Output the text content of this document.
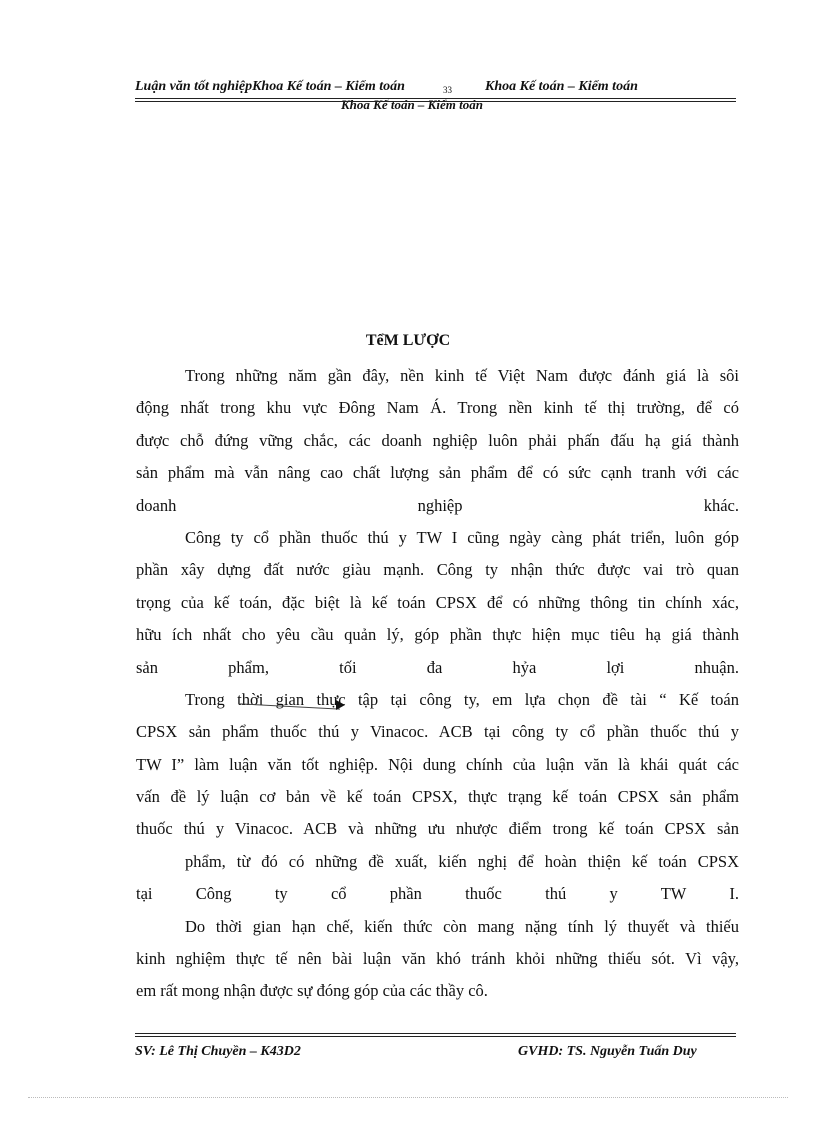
Luận văn tốt nghiệpKhoa Kế toán – Kiểm toán	33 Khoa Kế toán – Kiểm toán
Khoa Kế toán – Kiểm toán
TểM LƯỢC
Trong những năm gần đây, nền kinh tế Việt Nam được đánh giá là sôi
động nhất trong khu vực Đông Nam Á. Trong nền kinh tế thị trường, để có
được chỗ đứng vững chắc, các doanh nghiệp luôn phải phấn đấu hạ giá thành
sản phẩm mà vẫn nâng cao chất lượng sản phẩm để có sức cạnh tranh với các
doanh nghiệp khác.
Công ty cổ phần thuốc thú y TW I cũng ngày càng phát triển, luôn góp
phần xây dựng đất nước giàu mạnh. Công ty nhận thức được vai trò quan
trọng của kế toán, đặc biệt là kế toán CPSX để có những thông tin chính xác,
hữu ích nhất cho yêu cầu quản lý, góp phần thực hiện mục tiêu hạ giá thành
sản phẩm, tối đa hỷa lợi nhuận.
Trong thời gian thực tập tại công ty, em lựa chọn đề tài “ Kế toán
CPSX sản phẩm thuốc thú y Vinacoc. ACB tại công ty cổ phần thuốc thú y
TW I” làm luận văn tốt nghiệp. Nội dung chính của luận văn là khái quát các
vấn đề lý luận cơ bản về kế toán CPSX, thực trạng kế toán CPSX sản phẩm
thuốc thú y Vinacoc. ACB và những ưu nhược điểm trong kế toán CPSX sản
phẩm, từ đó có những đề xuất, kiến nghị để hoàn thiện kế toán CPSX
tại Công ty cổ phần thuốc thú y TW I.
Do thời gian hạn chế, kiến thức còn mang nặng tính lý thuyết và thiếu
kinh nghiệm thực tế nên bài luận văn khó tránh khỏi những thiếu sót. Vì vậy,
em rất mong nhận được sự đóng góp của các thầy cô.
SV: Lê Thị Chuyền – K43D2	GVHD: TS. Nguyễn Tuấn Duy
